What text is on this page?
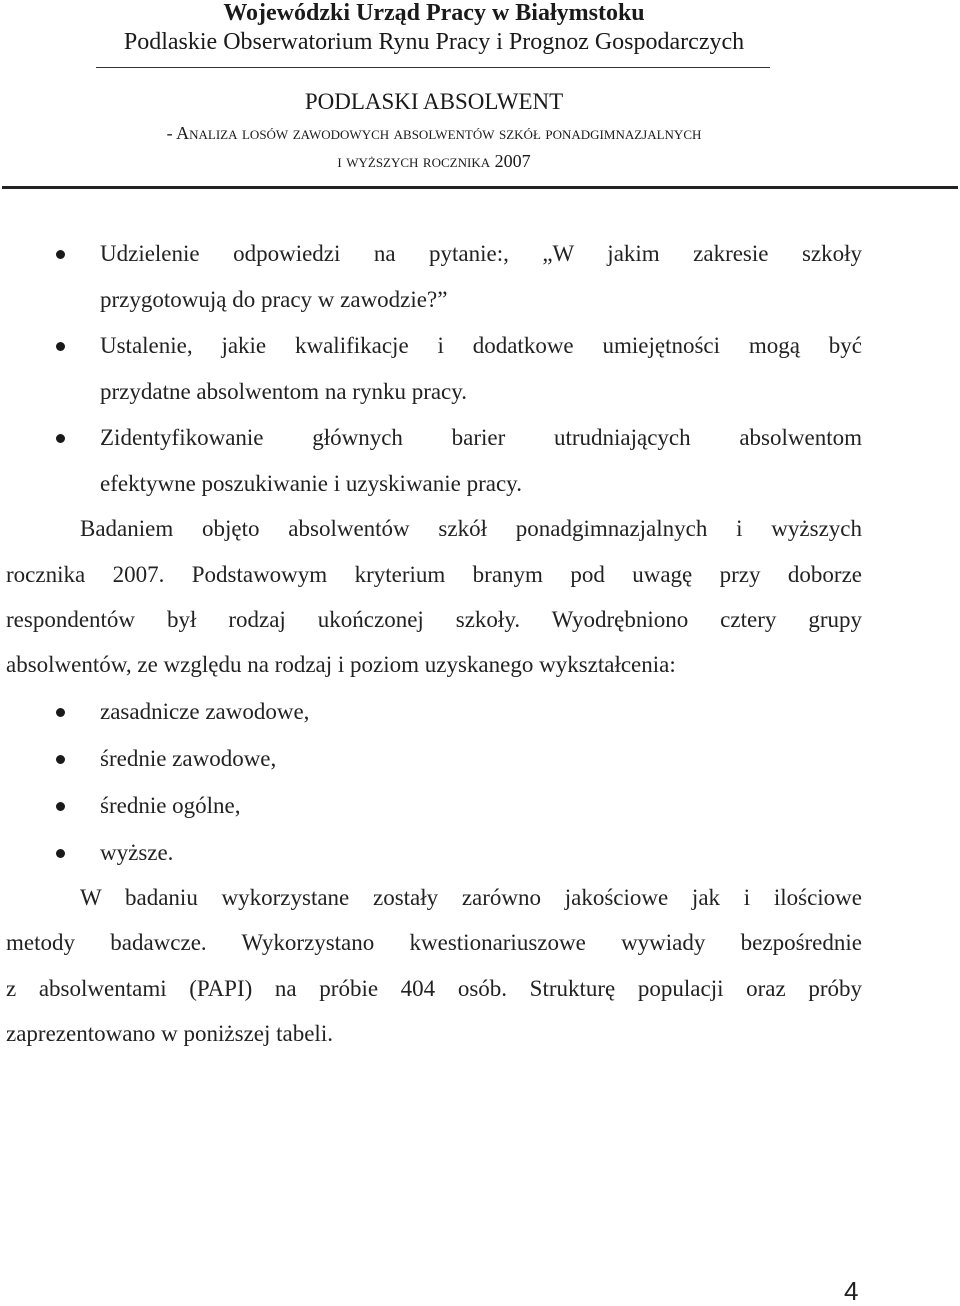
Wojewódzki Urząd Pracy w Białymstoku
Podlaskie Obserwatorium Rynu Pracy i Prognoz Gospodarczych
PODLASKI ABSOLWENT
- Analiza losów zawodowych absolwentów szkół ponadgimnazjalnych
i wyższych rocznika 2007
Udzielenie odpowiedzi na pytanie:, „W jakim zakresie szkoły
przygotowują do pracy w zawodzie?”
Ustalenie, jakie kwalifikacje i dodatkowe umiejętności mogą być
przydatne absolwentom na rynku pracy.
Zidentyfikowanie głównych barier utrudniających absolwentom
efektywne poszukiwanie i uzyskiwanie pracy.
Badaniem objęto absolwentów szkół ponadgimnazjalnych i wyższych
rocznika 2007. Podstawowym kryterium branym pod uwagę przy doborze
respondentów był rodzaj ukończonej szkoły. Wyodrębniono cztery grupy
absolwentów, ze względu na rodzaj i poziom uzyskanego wykształcenia:
zasadnicze zawodowe,
średnie zawodowe,
średnie ogólne,
wyższe.
W badaniu wykorzystane zostały zarówno jakościowe jak i ilościowe
metody badawcze. Wykorzystano kwestionariuszowe wywiady bezpośrednie
z absolwentami (PAPI) na próbie 404 osób. Strukturę populacji oraz próby
zaprezentowano w poniższej tabeli.
4
